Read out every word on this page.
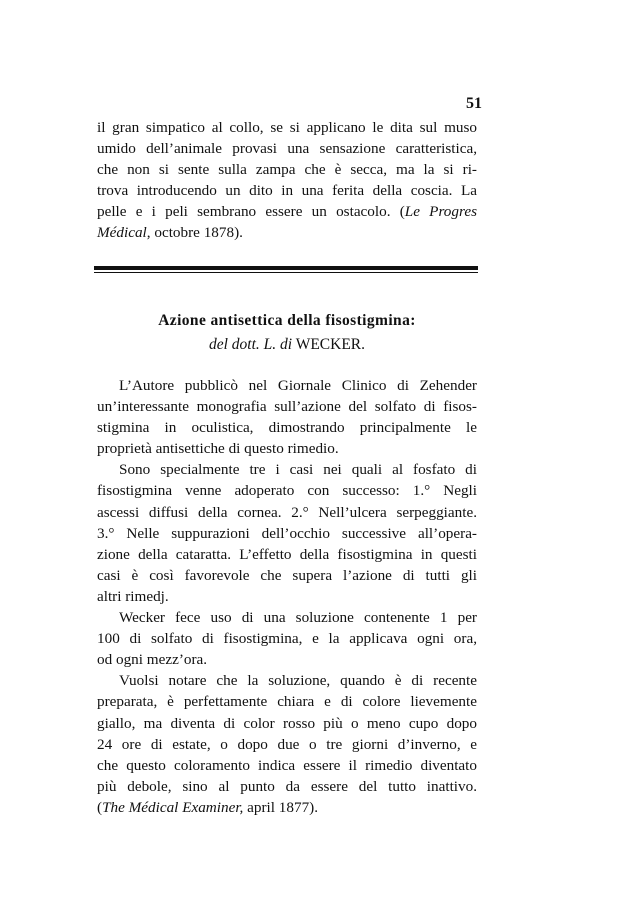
51
il gran simpatico al collo, se si applicano le dita sul muso
umido dell’animale provasi una sensazione caratteristica,
che non si sente sulla zampa che è secca, ma la si ri-
trova introducendo un dito in una ferita della coscia. La
pelle e i peli sembrano essere un ostacolo. (Le Progres
Médical, octobre 1878).
Azione antisettica della fisostigmina:
del dott. L. di WECKER.
L’Autore pubblicò nel Giornale Clinico di Zehender
un’interessante monografia sull’azione del solfato di fisos-
stigmina in oculistica, dimostrando principalmente le
proprietà antisettiche di questo rimedio.
Sono specialmente tre i casi nei quali al fosfato di
fisostigmina venne adoperato con successo: 1.° Negli
ascessi diffusi della cornea. 2.° Nell’ulcera serpeggiante.
3.° Nelle suppurazioni dell’occhio successive all’opera-
zione della cataratta. L’effetto della fisostigmina in questi
casi è così favorevole che supera l’azione di tutti gli
altri rimedj.
Wecker fece uso di una soluzione contenente 1 per
100 di solfato di fisostigmina, e la applicava ogni ora,
od ogni mezz’ora.
Vuolsi notare che la soluzione, quando è di recente
preparata, è perfettamente chiara e di colore lievemente
giallo, ma diventa di color rosso più o meno cupo dopo
24 ore di estate, o dopo due o tre giorni d’inverno, e
che questo coloramento indica essere il rimedio diventato
più debole, sino al punto da essere del tutto inattivo.
(The Médical Examiner, april 1877).
